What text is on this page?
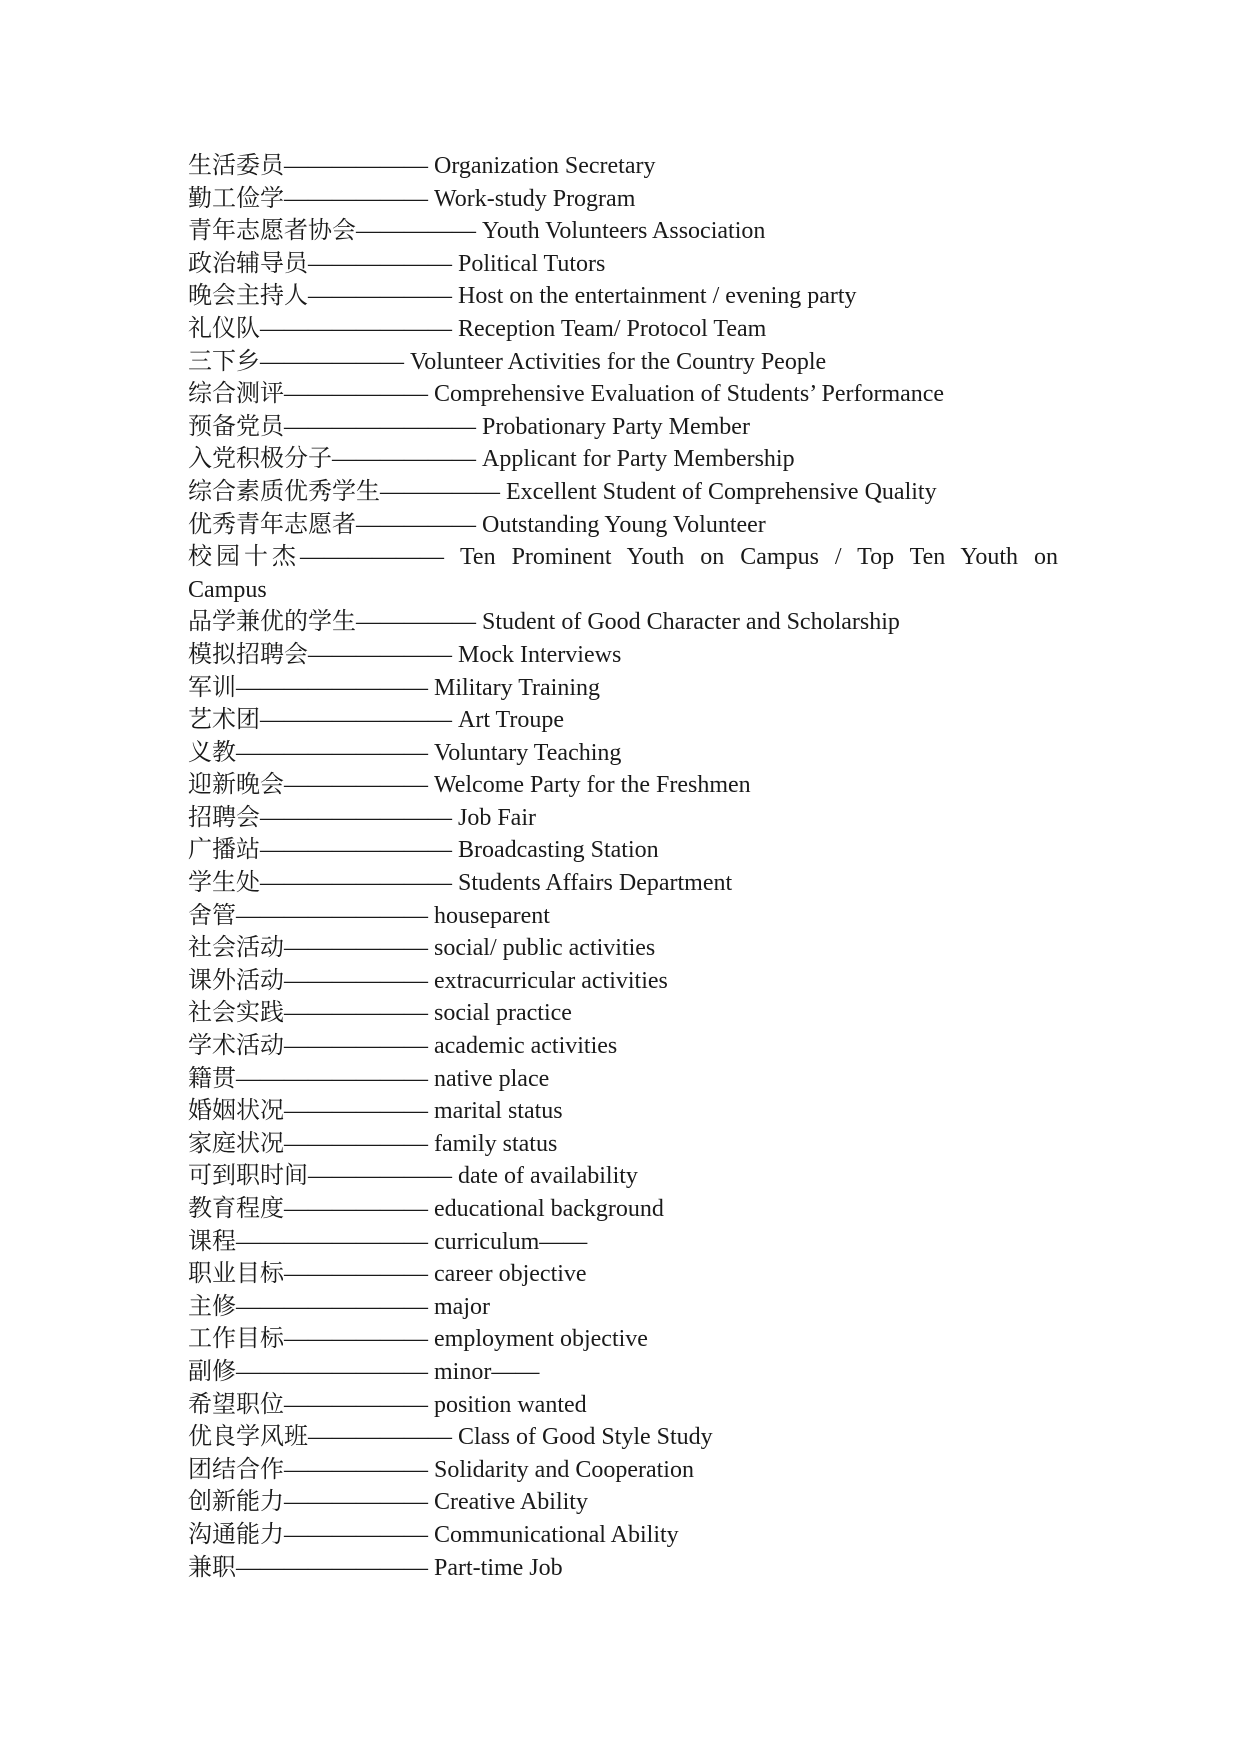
生活委员—————— Organization Secretary
勤工俭学—————— Work-study Program
青年志愿者协会————— Youth Volunteers Association
政治辅导员—————— Political Tutors
晚会主持人—————— Host on the entertainment / evening party
礼仪队———————— Reception Team/ Protocol Team
三下乡—————— Volunteer Activities for the Country People
综合测评—————— Comprehensive Evaluation of Students’ Performance
预备党员———————— Probationary Party Member
入党积极分子—————— Applicant for Party Membership
综合素质优秀学生————— Excellent Student of Comprehensive Quality
优秀青年志愿者————— Outstanding Young Volunteer
校园十杰—————— Ten Prominent Youth on Campus / Top Ten Youth on Campus
品学兼优的学生————— Student of Good Character and Scholarship
模拟招聘会—————— Mock Interviews
军训———————— Military Training
艺术团———————— Art Troupe
义教———————— Voluntary Teaching
迎新晚会—————— Welcome Party for the Freshmen
招聘会———————— Job Fair
广播站———————— Broadcasting Station
学生处———————— Students Affairs Department
舍管———————— houseparent
社会活动—————— social/ public activities
课外活动—————— extracurricular activities
社会实践—————— social practice
学术活动—————— academic activities
籍贯———————— native place
婚姻状况—————— marital status
家庭状况—————— family status
可到职时间—————— date of availability
教育程度—————— educational background
课程———————— curriculum——
职业目标—————— career objective
主修———————— major
工作目标—————— employment objective
副修———————— minor——
希望职位—————— position wanted
优良学风班—————— Class of Good Style Study
团结合作—————— Solidarity and Cooperation
创新能力—————— Creative Ability
沟通能力—————— Communicational Ability
兼职———————— Part-time Job
